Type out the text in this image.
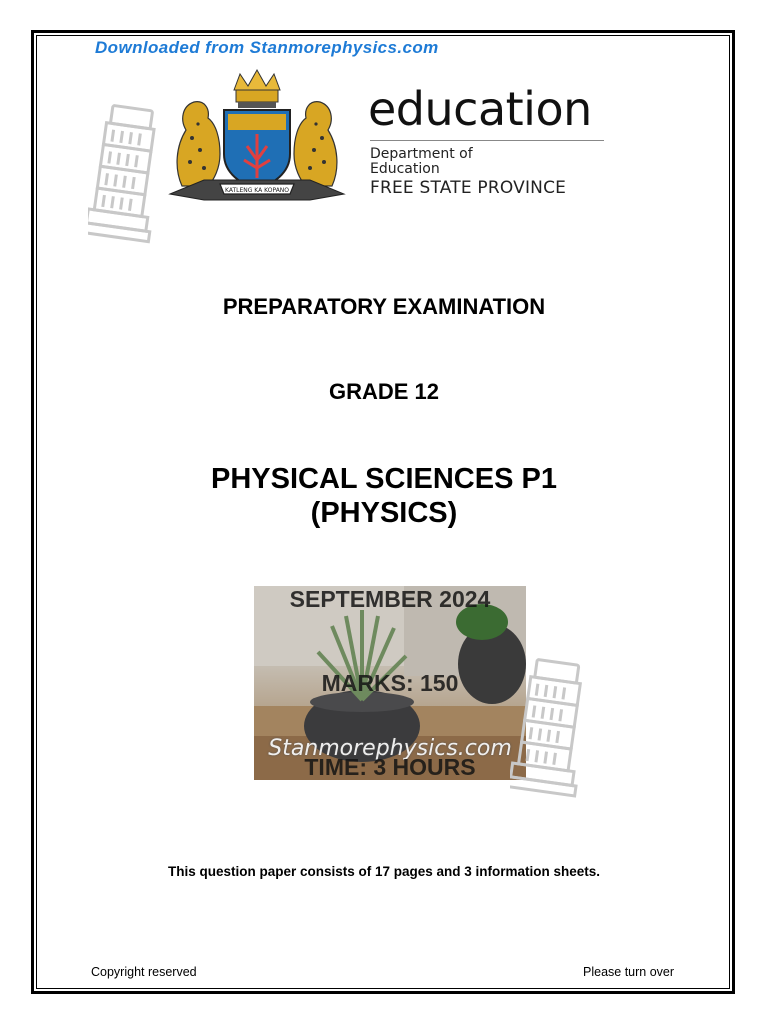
Downloaded from Stanmorephysics.com
KATLENG KA KOPANO
education
Department of
Education
FREE STATE PROVINCE
PREPARATORY EXAMINATION
GRADE 12
PHYSICAL SCIENCES P1
(PHYSICS)
SEPTEMBER 2024
MARKS: 150
Stanmorephysics.com
TIME: 3 HOURS
This question paper consists of 17 pages and 3 information sheets.
Copyright reserved	Please turn over
